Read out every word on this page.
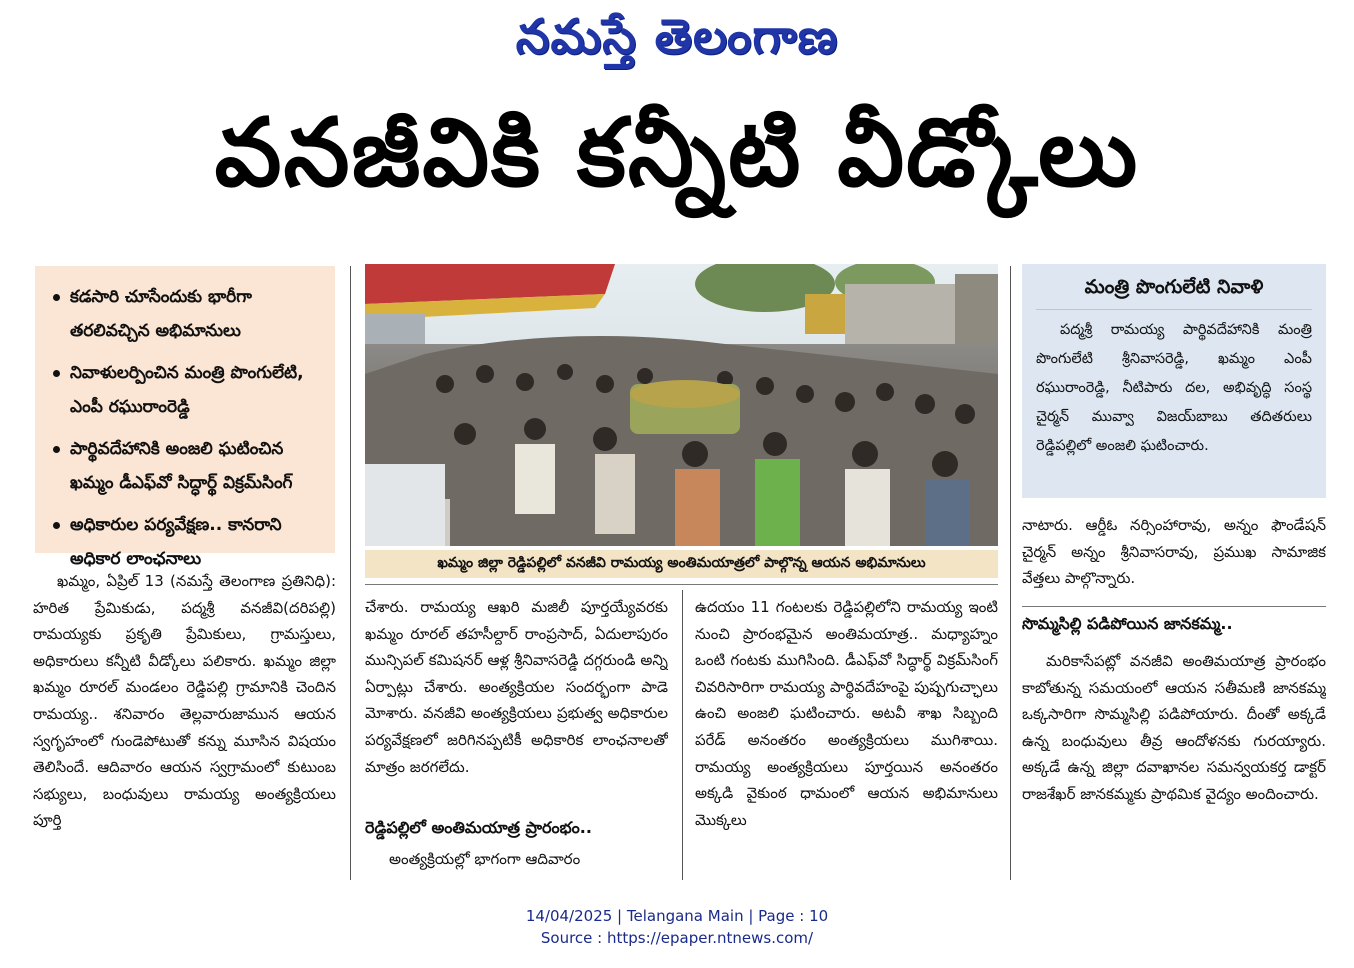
నమస్తే తెలంగాణ
వనజీవికి కన్నీటి వీడ్కోలు
కడసారి చూసేందుకు భారీగా తరలివచ్చిన అభిమానులు
నివాళులర్పించిన మంత్రి పొంగులేటి, ఎంపీ రఘురాంరెడ్డి
పార్థివదేహానికి అంజలి ఘటించిన ఖమ్మం డీఎఫ్‌వో సిద్ధార్థ్ విక్రమ్‌సింగ్
అధికారుల పర్యవేక్షణ.. కానరాని అధికార లాంఛనాలు	ఖమ్మం జిల్లా రెడ్డిపల్లిలో వనజీవి రామయ్య అంతిమయాత్రలో పాల్గొన్న ఆయన అభిమానులు
మంత్రి పొంగులేటి నివాళి
పద్మశ్రీ రామయ్య పార్థివదేహానికి మంత్రి పొంగులేటి శ్రీనివాసరెడ్డి, ఖమ్మం ఎంపీ రఘురాంరెడ్డి, నీటిపారు దల, అభివృద్ధి సంస్థ చైర్మన్ మువ్వా విజయ్‌బాబు తదితరులు రెడ్డిపల్లిలో అంజలి ఘటించారు.

ఖమ్మం, ఏప్రిల్ 13 (నమస్తే తెలంగాణ ప్రతినిధి): హరిత ప్రేమికుడు, పద్మశ్రీ వనజీవి(దరిపల్లి) రామయ్యకు ప్రకృతి ప్రేమికులు, గ్రామస్తులు, అధికారులు కన్నీటి వీడ్కోలు పలికారు. ఖమ్మం జిల్లా ఖమ్మం రూరల్ మండలం రెడ్డిపల్లి గ్రామానికి చెందిన రామయ్య.. శనివారం తెల్లవారుజామున ఆయన స్వగృహంలో గుండెపోటుతో కన్ను మూసిన విషయం తెలిసిందే. ఆదివారం ఆయన స్వగ్రామంలో కుటుంబ సభ్యులు, బంధువులు రామయ్య అంత్యక్రియలు పూర్తి

చేశారు. రామయ్య ఆఖరి మజిలీ పూర్తయ్యేవరకు ఖమ్మం రూరల్ తహసీల్దార్ రాంప్రసాద్, ఏదులాపురం మున్సిపల్ కమిషనర్ ఆళ్ల శ్రీనివాసరెడ్డి దగ్గరుండి అన్ని ఏర్పాట్లు చేశారు. అంత్యక్రియల సందర్భంగా పాడె మోశారు. వనజీవి అంత్యక్రియలు ప్రభుత్వ అధికారుల పర్యవేక్షణలో జరిగినప్పటికీ అధికారిక లాంఛనాలతో మాత్రం జరగలేదు.

రెడ్డిపల్లిలో అంతిమయాత్ర ప్రారంభం..

అంత్యక్రియల్లో భాగంగా ఆదివారం

ఉదయం 11 గంటలకు రెడ్డిపల్లిలోని రామయ్య ఇంటి నుంచి ప్రారంభమైన అంతిమయాత్ర.. మధ్యాహ్నం ఒంటి గంటకు ముగిసింది. డీఎఫ్‌వో సిద్ధార్థ్ విక్రమ్‌సింగ్ చివరిసారిగా రామయ్య పార్థివదేహంపై పుష్పగుచ్ఛాలు ఉంచి అంజలి ఘటించారు. అటవీ శాఖ సిబ్బంది పరేడ్ అనంతరం అంత్యక్రియలు ముగిశాయి. రామయ్య అంత్యక్రియలు పూర్తయిన అనంతరం అక్కడి వైకుంఠ ధామంలో ఆయన అభిమానులు మొక్కలు

నాటారు. ఆర్డీఓ నర్సింహారావు, అన్నం ఫౌండేషన్ చైర్మన్ అన్నం శ్రీనివాసరావు, ప్రముఖ సామాజిక వేత్తలు పాల్గొన్నారు.

సొమ్మసిల్లి పడిపోయిన జానకమ్మ..

మరికాసేపట్లో వనజీవి అంతిమయాత్ర ప్రారంభం కాబోతున్న సమయంలో ఆయన సతీమణి జానకమ్మ ఒక్కసారిగా సొమ్మసిల్లి పడిపోయారు. దీంతో అక్కడే ఉన్న బంధువులు తీవ్ర ఆందోళనకు గురయ్యారు. అక్కడే ఉన్న జిల్లా దవాఖానల సమన్వయకర్త డాక్టర్ రాజశేఖర్ జానకమ్మకు ప్రాథమిక వైద్యం అందించారు.

14/04/2025 | Telangana Main | Page : 10
Source : https://epaper.ntnews.com/
